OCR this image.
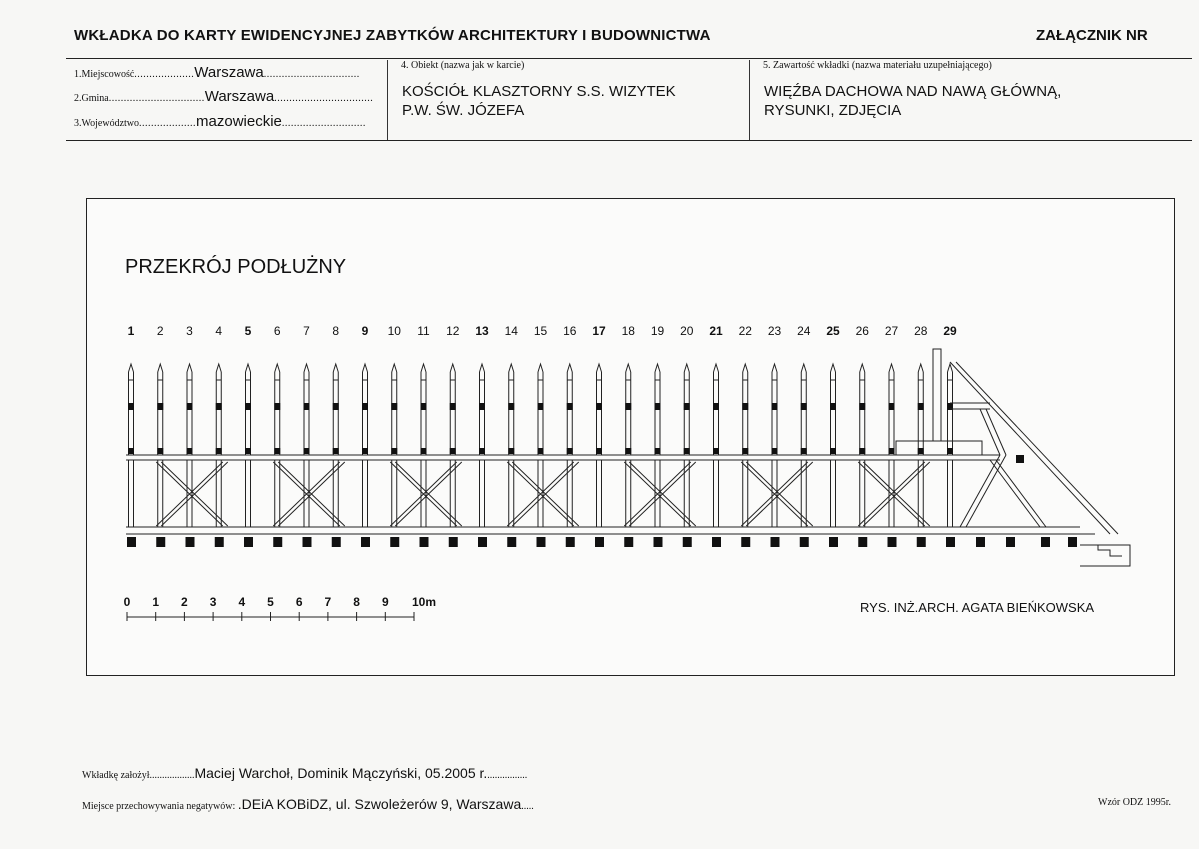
WKŁADKA DO KARTY EWIDENCYJNEJ ZABYTKÓW ARCHITEKTURY I BUDOWNICTWA	ZAŁĄCZNIK NR
1.Miejscowość....................Warszawa................................
2.Gmina................................Warszawa.................................
3.Województwo...................mazowieckie............................
4. Obiekt (nazwa jak w karcie)
KOŚCIÓŁ KLASZTORNY S.S. WIZYTEK
P.W. ŚW. JÓZEFA
5. Zawartość wkładki (nazwa materiału uzupełniającego)
WIĘŹBA DACHOWA NAD NAWĄ GŁÓWNĄ,
RYSUNKI, ZDJĘCIA
PRZEKRÓJ PODŁUŻNY
1 2 3 4 5 6 7 8 9 10 11 12 13 14 15 16 17 18 19 20 21 22 23 24 25 26 27 28 29
0 1 2 3 4 5 6 7 8 9 10m	RYS. INŻ.ARCH. AGATA BIEŃKOWSKA
Wkładkę założył..................Maciej Warchoł, Dominik Mączyński, 05.2005 r.................
Miejsce przechowywania negatywów: .DEiA KOBiDZ, ul. Szwoleżerów 9, Warszawa.....	Wzór ODZ 1995r.
